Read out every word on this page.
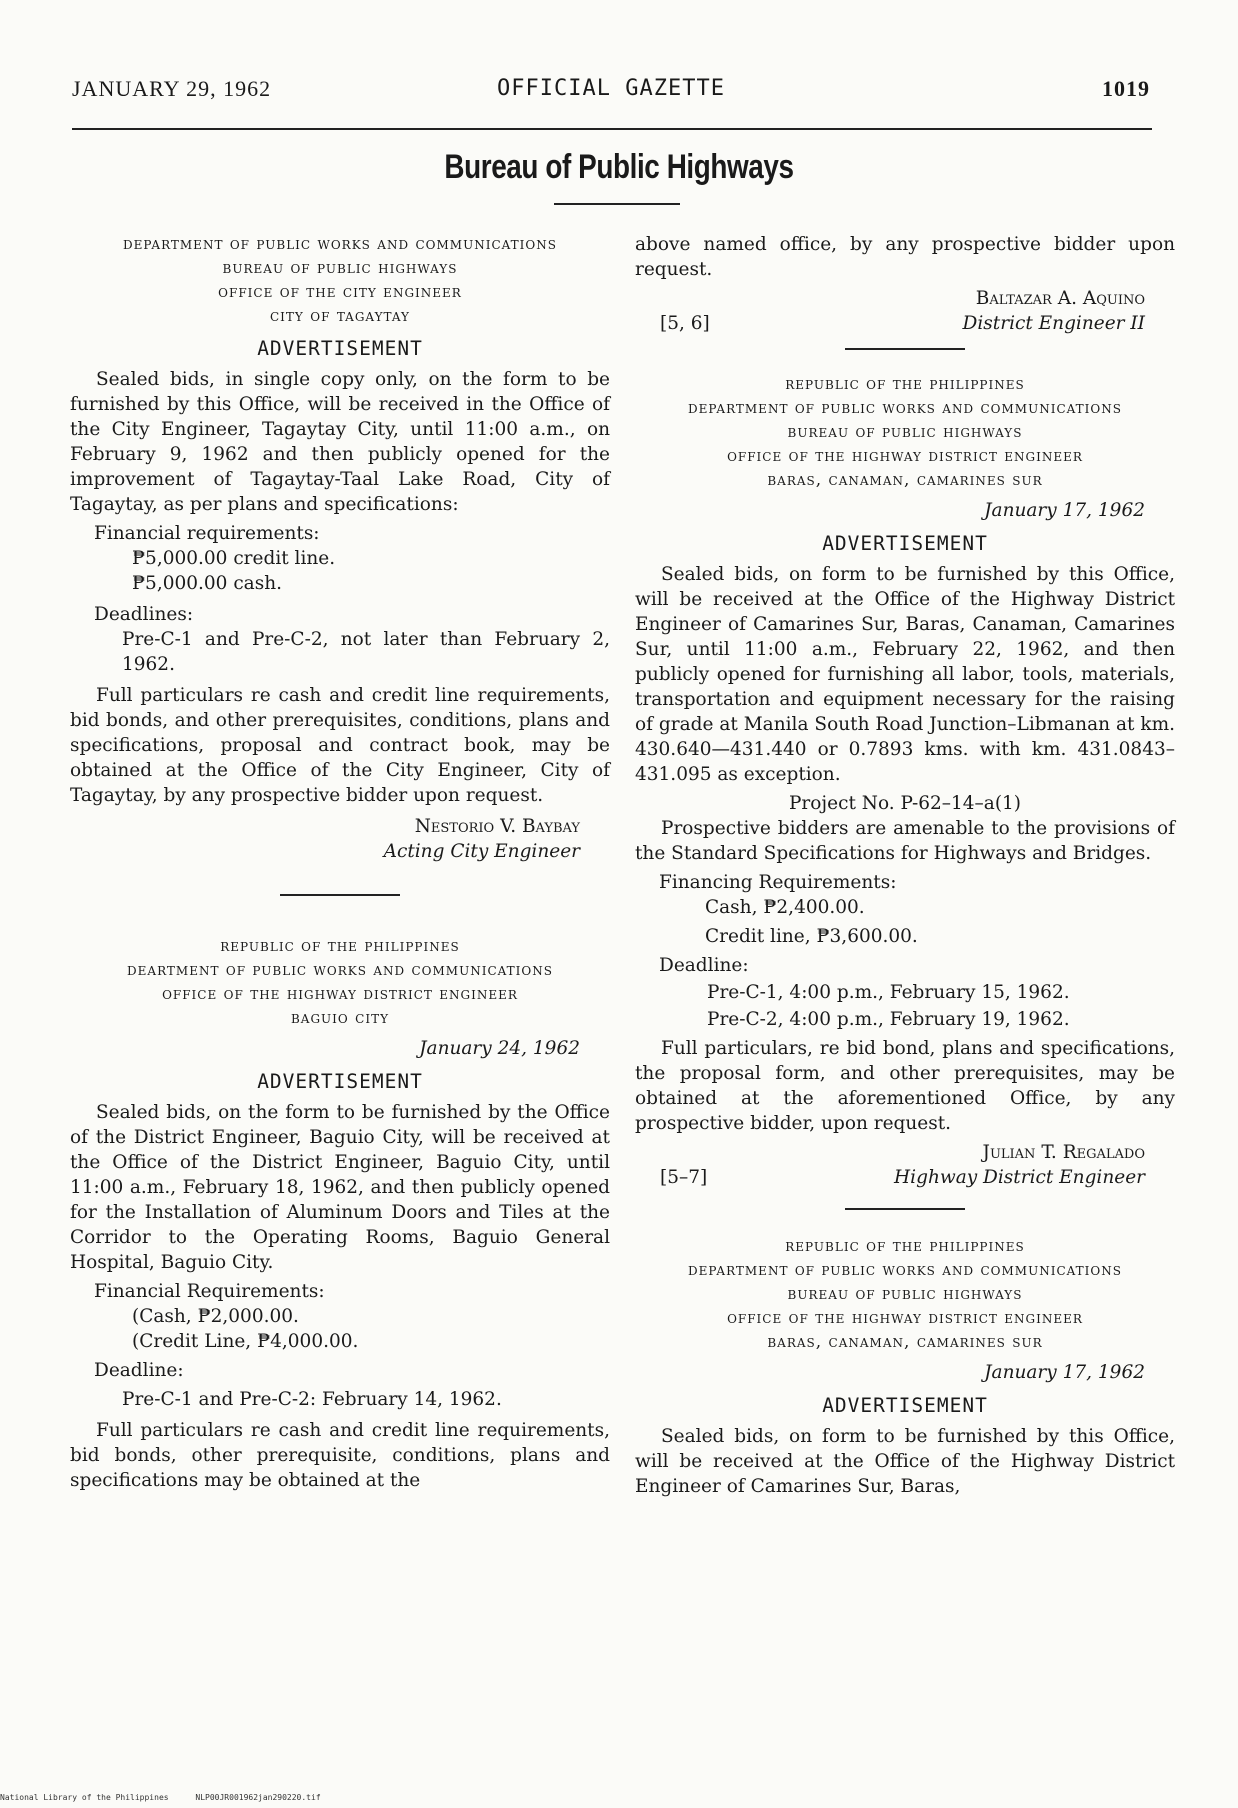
JANUARY 29, 1962	OFFICIAL GAZETTE	1019
Bureau of Public Highways
department of public works and communications
bureau of public highways
office of the city engineer
city of tagaytay
ADVERTISEMENT

Sealed bids, in single copy only, on the form to be furnished by this Office, will be received in the Office of the City Engineer, Tagaytay City, until 11:00 a.m., on February 9, 1962 and then publicly opened for the improvement of Tagaytay-Taal Lake Road, City of Tagaytay, as per plans and specifications:

Financial requirements:
₱5,000.00 credit line.
₱5,000.00 cash.
Deadlines:

Pre-C-1 and Pre-C-2, not later than February 2, 1962.

Full particulars re cash and credit line requirements, bid bonds, and other prerequisites, conditions, plans and specifications, proposal and contract book, may be obtained at the Office of the City Engineer, City of Tagaytay, by any prospective bidder upon request.

Nestorio V. Baybay
Acting City Engineer
republic of the philippines
deartment of public works and communications
office of the highway district engineer
baguio city
January 24, 1962
ADVERTISEMENT

Sealed bids, on the form to be furnished by the Office of the District Engineer, Baguio City, will be received at the Office of the District Engineer, Baguio City, until 11:00 a.m., February 18, 1962, and then publicly opened for the Installation of Aluminum Doors and Tiles at the Corridor to the Operating Rooms, Baguio General Hospital, Baguio City.

Financial Requirements:
(Cash, ₱2,000.00.
(Credit Line, ₱4,000.00.
Deadline:

Pre-C-1 and Pre-C-2: February 14, 1962.

Full particulars re cash and credit line requirements, bid bonds, other prerequisite, conditions, plans and specifications may be obtained at the

above named office, by any prospective bidder upon request.

Baltazar A. Aquino
[5, 6]	District Engineer II
republic of the philippines
department of public works and communications
bureau of public highways
office of the highway district engineer
baras, canaman, camarines sur
January 17, 1962
ADVERTISEMENT

Sealed bids, on form to be furnished by this Office, will be received at the Office of the Highway District Engineer of Camarines Sur, Baras, Canaman, Camarines Sur, until 11:00 a.m., February 22, 1962, and then publicly opened for furnishing all labor, tools, materials, transportation and equipment necessary for the raising of grade at Manila South Road Junction–Libmanan at km. 430.640—431.440 or 0.7893 kms. with km. 431.0843–431.095 as exception.

Project No. P-62–14–a(1)

Prospective bidders are amenable to the provisions of the Standard Specifications for Highways and Bridges.

Financing Requirements:
Cash, ₱2,400.00.
Credit line, ₱3,600.00.
Deadline:
Pre-C-1, 4:00 p.m., February 15, 1962.
Pre-C-2, 4:00 p.m., February 19, 1962.

Full particulars, re bid bond, plans and specifications, the proposal form, and other prerequisites, may be obtained at the aforementioned Office, by any prospective bidder, upon request.

Julian T. Regalado
[5–7]	Highway District Engineer
republic of the philippines
department of public works and communications
bureau of public highways
office of the highway district engineer
baras, canaman, camarines sur
January 17, 1962
ADVERTISEMENT

Sealed bids, on form to be furnished by this Office, will be received at the Office of the Highway District Engineer of Camarines Sur, Baras,

National Library of the Philippines	NLP00JR001962jan290220.tif
